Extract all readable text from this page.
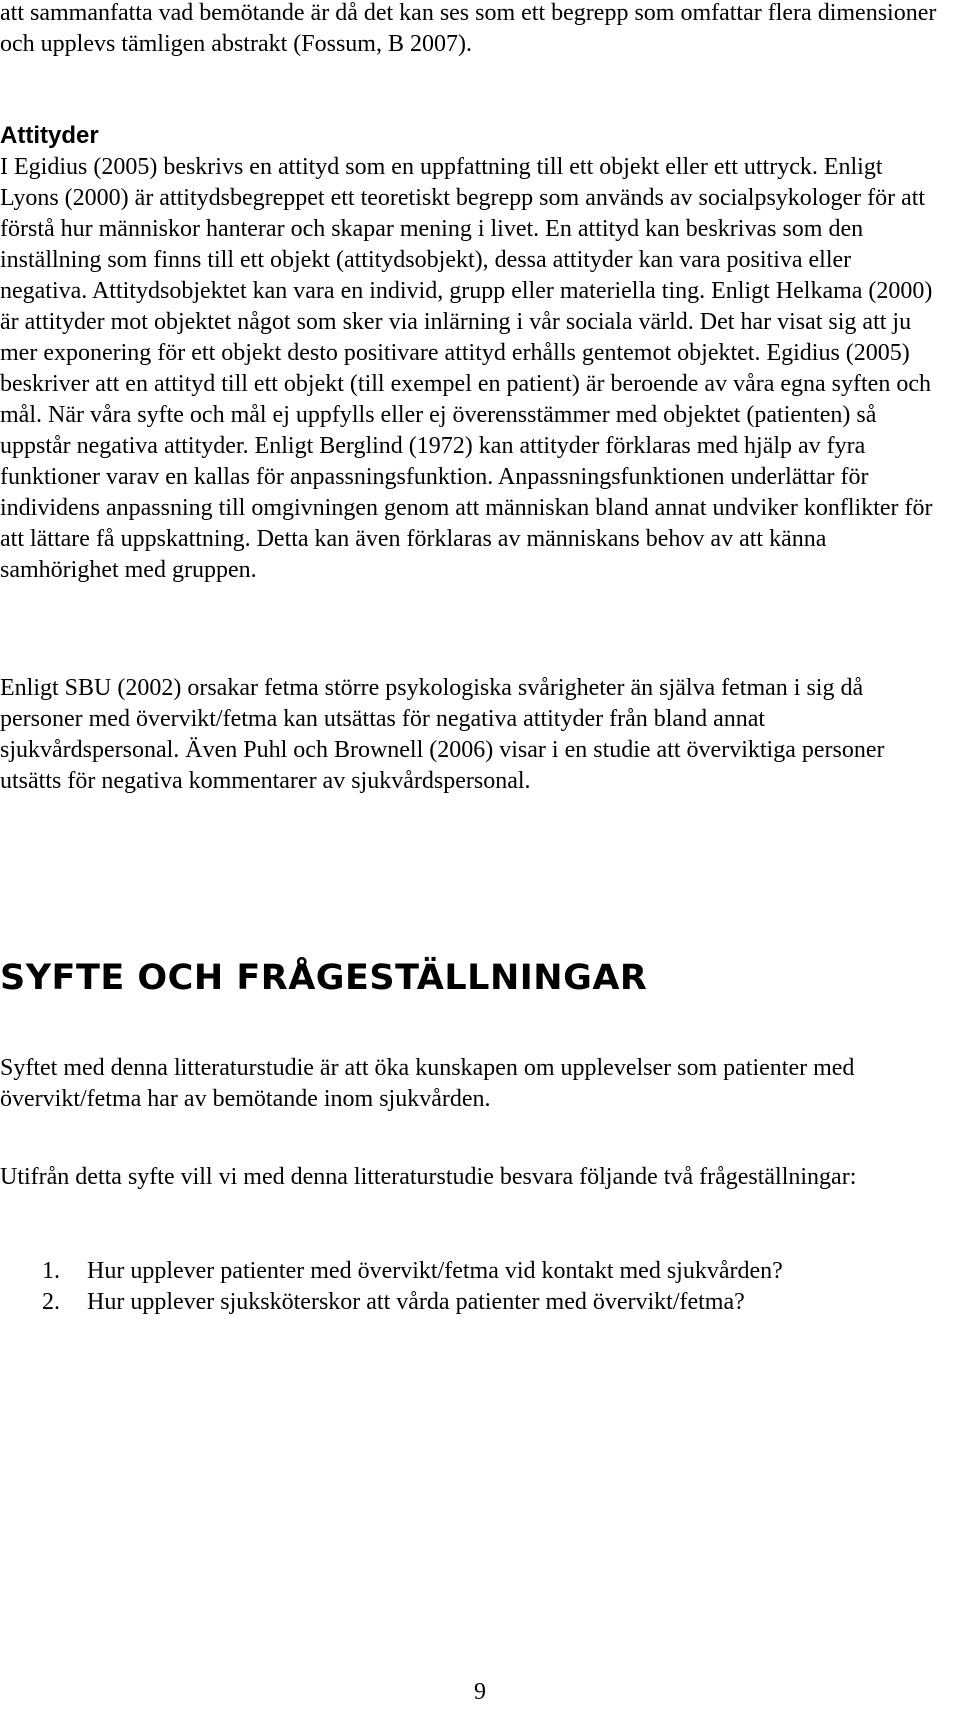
att sammanfatta vad bemötande är då det kan ses som ett begrepp som omfattar flera dimensioner och upplevs tämligen abstrakt (Fossum, B 2007).

Attityder

I Egidius (2005) beskrivs en attityd som en uppfattning till ett objekt eller ett uttryck. Enligt Lyons (2000) är attitydsbegreppet ett teoretiskt begrepp som används av socialpsykologer för att förstå hur människor hanterar och skapar mening i livet. En attityd kan beskrivas som den inställning som finns till ett objekt (attitydsobjekt), dessa attityder kan vara positiva eller negativa. Attitydsobjektet kan vara en individ, grupp eller materiella ting. Enligt Helkama (2000) är attityder mot objektet något som sker via inlärning i vår sociala värld. Det har visat sig att ju mer exponering för ett objekt desto positivare attityd erhålls gentemot objektet. Egidius (2005) beskriver att en attityd till ett objekt (till exempel en patient) är beroende av våra egna syften och mål. När våra syfte och mål ej uppfylls eller ej överensstämmer med objektet (patienten) så uppstår negativa attityder. Enligt Berglind (1972) kan attityder förklaras med hjälp av fyra funktioner varav en kallas för anpassningsfunktion. Anpassningsfunktionen underlättar för individens anpassning till omgivningen genom att människan bland annat undviker konflikter för att lättare få uppskattning. Detta kan även förklaras av människans behov av att känna samhörighet med gruppen.

Enligt SBU (2002) orsakar fetma större psykologiska svårigheter än själva fetman i sig då personer med övervikt/fetma kan utsättas för negativa attityder från bland annat sjukvårdspersonal. Även Puhl och Brownell (2006) visar i en studie att överviktiga personer utsätts för negativa kommentarer av sjukvårdspersonal.

SYFTE OCH FRÅGESTÄLLNINGAR

Syftet med denna litteraturstudie är att öka kunskapen om upplevelser som patienter med övervikt/fetma har av bemötande inom sjukvården.

Utifrån detta syfte vill vi med denna litteraturstudie besvara följande två frågeställningar:

1. Hur upplever patienter med övervikt/fetma vid kontakt med sjukvården?
2. Hur upplever sjuksköterskor att vårda patienter med övervikt/fetma?
9
